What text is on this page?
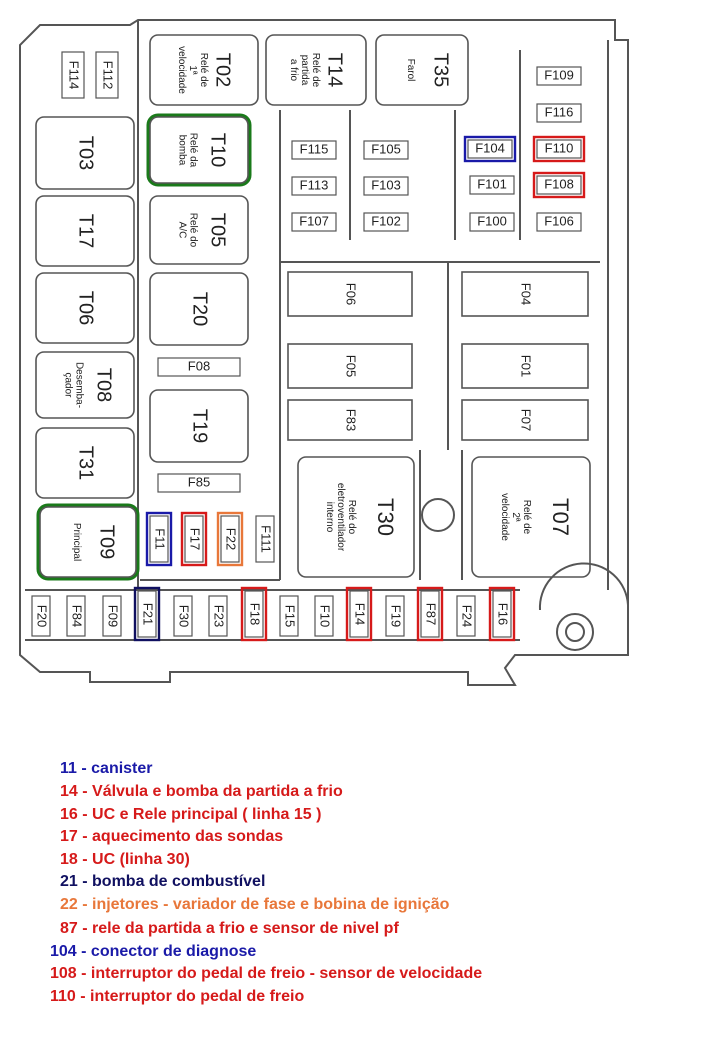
T02
Relé de1ªvelocidade	T14
Relé departidaa frio	T35
Farol
T03	T10
Relé dabomba
T17	T05
Relé doA/C
T06	T20
T08
Desemba-çador
T19
T31
T09
Principal
T30
Relé doeletroventiladorinterno	T07
Relé de2ªvelocidade
F06	F04
F05	F01
F83	F07
F114 F112
F115	F105
F113	F103
F107	F102
F104	F110
F101	F108
F100	F106
F109
F116
F08
F85
F11 F17 F22 F111
F20 F84 F09 F21 F30 F23 F18 F15 F10 F14 F19 F87 F24 F16
11 - canister
14 - Válvula e bomba da partida a frio
16 - UC e Rele principal ( linha 15 )
17 - aquecimento das sondas
18 - UC (linha 30)
21 - bomba de combustível
22 - injetores - variador de fase e bobina de ignição
87 - rele da partida a frio e sensor de nivel pf
104 - conector de diagnose
108 - interruptor do pedal de freio - sensor de velocidade
110 - interruptor do pedal de freio
